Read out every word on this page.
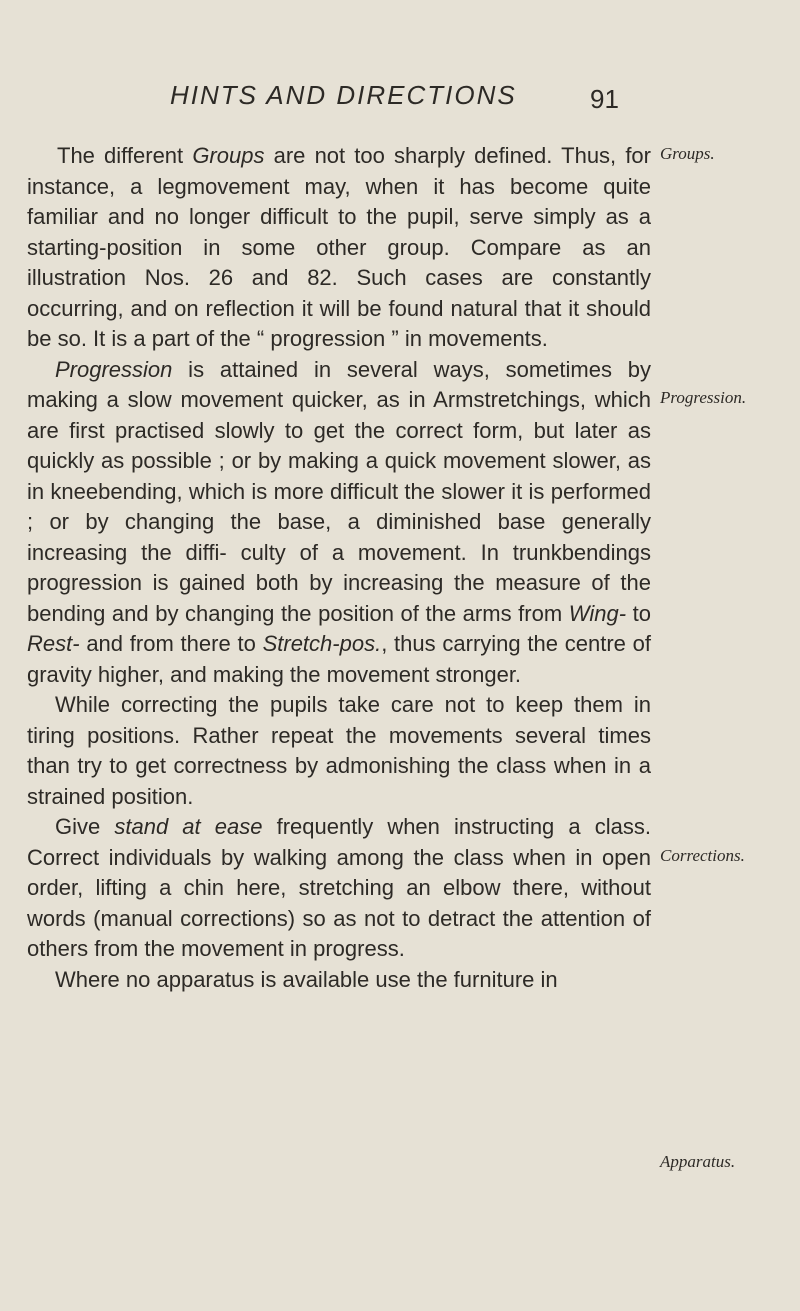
HINTS AND DIRECTIONS	91

The different Groups are not too sharply defined. Thus, for instance, a legmovement may, when it has become quite familiar and no longer difficult to the pupil, serve simply as a starting-position in some other group. Compare as an illustration Nos. 26 and 82. Such cases are constantly occurring, and on reflection it will be found natural that it should be so. It is a part of the “ progression ” in movements.

Progression is attained in several ways, sometimes by making a slow movement quicker, as in Armstretchings, which are first practised slowly to get the correct form, but later as quickly as possible ; or by making a quick movement slower, as in kneebending, which is more difficult the slower it is performed ; or by changing the base, a diminished base generally increasing the diffi- culty of a movement. In trunkbendings progression is gained both by increasing the measure of the bending and by changing the position of the arms from Wing- to Rest- and from there to Stretch-pos., thus carrying the centre of gravity higher, and making the movement stronger.

While correcting the pupils take care not to keep them in tiring positions. Rather repeat the movements several times than try to get correctness by admonishing the class when in a strained position.

Give stand at ease frequently when instructing a class. Correct individuals by walking among the class when in open order, lifting a chin here, stretching an elbow there, without words (manual corrections) so as not to detract the attention of others from the movement in progress.

Where no apparatus is available use the furniture in

Groups.
Progression.
Corrections.
Apparatus.
